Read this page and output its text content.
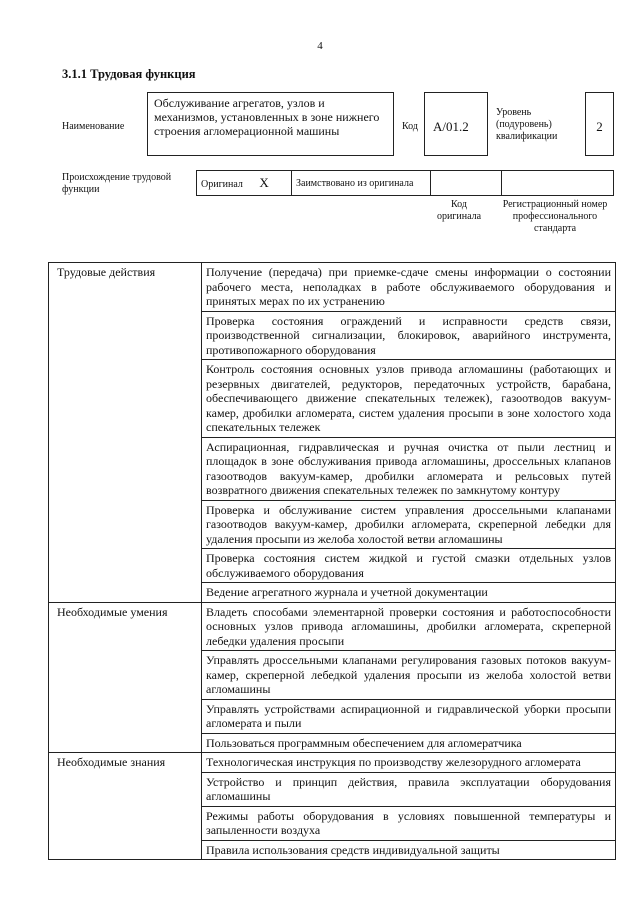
4
3.1.1 Трудовая функция
Наименование
Обслуживание агрегатов, узлов и механизмов, установленных в зоне нижнего строения агломерационной машины	Код	А/01.2
Уровень (подуровень) квалификации
2
Происхождение трудовой функции	Оригинал X	Заимствовано из оригинала		
Код оригинала
Регистрационный номер профессионального стандарта
Трудовые действия	Получение (передача) при приемке-сдаче смены информации о состоянии рабочего места, неполадках в работе обслуживаемого оборудования и принятых мерах по их устранению
	Проверка состояния ограждений и исправности средств связи, производственной сигнализации, блокировок, аварийного инструмента, противопожарного оборудования
	Контроль состояния основных узлов привода агломашины (работающих и резервных двигателей, редукторов, передаточных устройств, барабана, обеспечивающего движение спекательных тележек), газоотводов вакуум-камер, дробилки агломерата, систем удаления просыпи в зоне холостого хода спекательных тележек
	Аспирационная, гидравлическая и ручная очистка от пыли лестниц и площадок в зоне обслуживания привода агломашины, дроссельных клапанов газоотводов вакуум-камер, дробилки агломерата и рельсовых путей возвратного движения спекательных тележек по замкнутому контуру
	Проверка и обслуживание систем управления дроссельными клапанами газоотводов вакуум-камер, дробилки агломерата, скреперной лебедки для удаления просыпи из желоба холостой ветви агломашины
	Проверка состояния систем жидкой и густой смазки отдельных узлов обслуживаемого оборудования
	Ведение агрегатного журнала и учетной документации
Необходимые умения	Владеть способами элементарной проверки состояния и работоспособности основных узлов привода агломашины, дробилки агломерата, скреперной лебедки удаления просыпи
	Управлять дроссельными клапанами регулирования газовых потоков вакуум-камер, скреперной лебедкой удаления просыпи из желоба холостой ветви агломашины
	Управлять устройствами аспирационной и гидравлической уборки просыпи агломерата и пыли
	Пользоваться программным обеспечением для агломератчика
Необходимые знания	Технологическая инструкция по производству железорудного агломерата
	Устройство и принцип действия, правила эксплуатации оборудования агломашины
	Режимы работы оборудования в условиях повышенной температуры и запыленности воздуха
	Правила использования средств индивидуальной защиты
